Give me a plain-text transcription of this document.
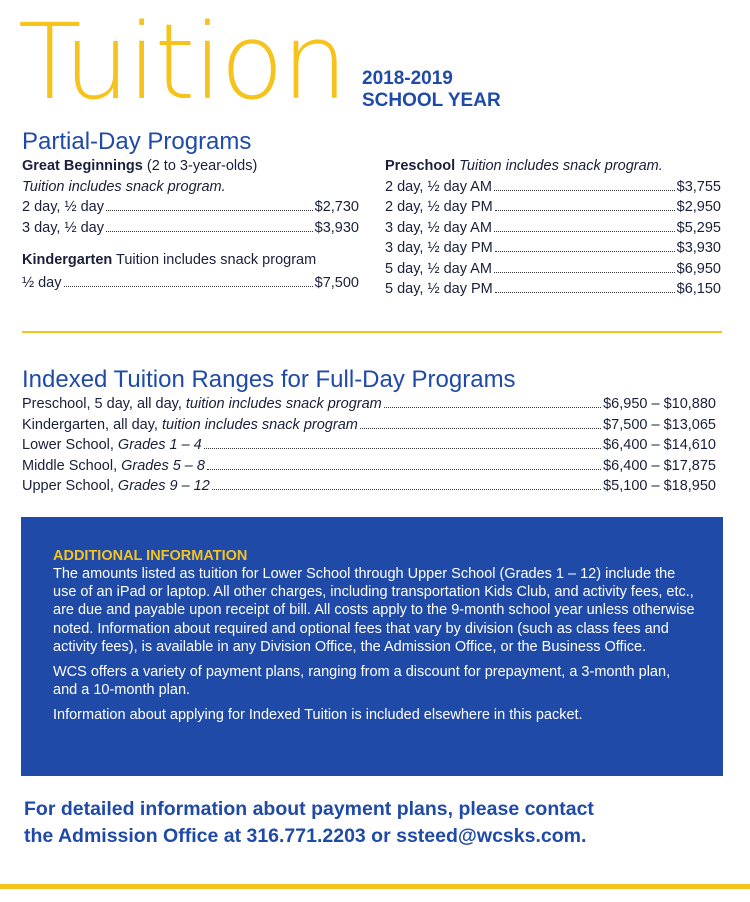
Tuition 2018-2019
SCHOOL YEAR
Partial-Day Programs
Great Beginnings (2 to 3-year-olds)
Tuition includes snack program.
2 day, ½ day	$2,730
3 day, ½ day	$3,930
Kindergarten Tuition includes snack program
½ day	$7,500
Preschool Tuition includes snack program.
2 day, ½ day AM	$3,755
2 day, ½ day PM	$2,950
3 day, ½ day AM	$5,295
3 day, ½ day PM	$3,930
5 day, ½ day AM	$6,950
5 day, ½ day PM	$6,150
Indexed Tuition Ranges for Full-Day Programs
Preschool, 5 day, all day,
tuition includes snack program	$6,950 – $10,880
Kindergarten, all day,
tuition includes snack program	$7,500 – $13,065
Lower School,
Grades 1 – 4	$6,400 – $14,610
Middle School,
Grades 5 – 8	$6,400 – $17,875
Upper School,
Grades 9 – 12	$5,100 – $18,950
ADDITIONAL INFORMATION

The amounts listed as tuition for Lower School through Upper School (Grades 1 – 12) include the use of an iPad or laptop. All other charges, including transportation Kids Club, and activity fees, etc., are due and payable upon receipt of bill. All costs apply to the 9-month school year unless otherwise noted. Information about required and optional fees that vary by division (such as class fees and activity fees), is available in any Division Office, the Admission Office, or the Business Office.

WCS offers a variety of payment plans, ranging from a discount for prepayment, a 3-month plan, and a 10-month plan.

Information about applying for Indexed Tuition is included elsewhere in this packet.

For detailed information about payment plans, please contact
the Admission Office at 316.771.2203 or ssteed@wcsks.com.
